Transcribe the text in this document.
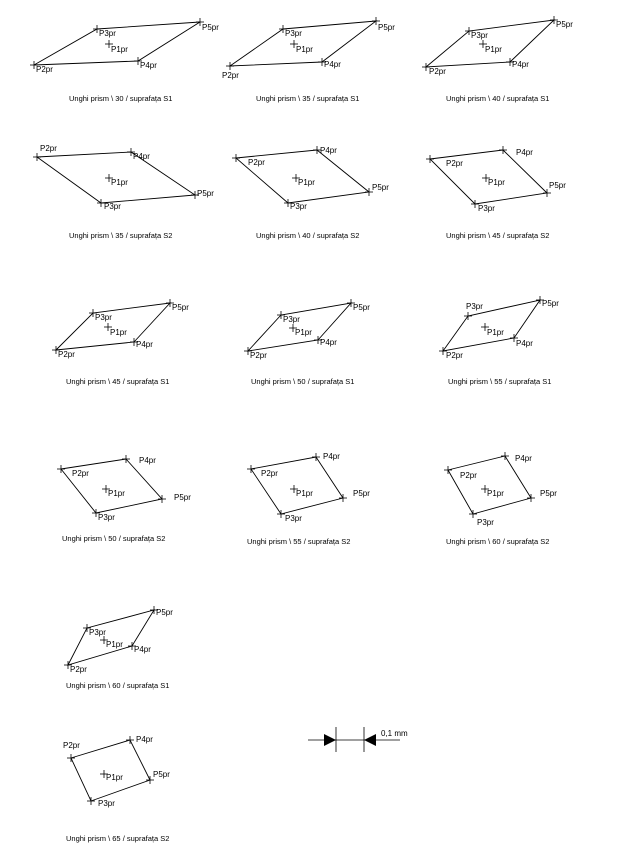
P2pr
P3pr
P5pr
P4pr
P1pr
Unghi prism \ 30 / suprafața S1
P2pr
P3pr
P5pr
P4pr
P1pr
Unghi prism \ 35 / suprafața S1
P2pr
P3pr
P5pr
P4pr
P1pr
Unghi prism \ 40 / suprafața S1
P2pr
P4pr
P5pr
P3pr
P1pr
Unghi prism \ 35 / suprafața S2
P2pr
P4pr
P5pr
P3pr
P1pr
Unghi prism \ 40 / suprafața S2
P2pr
P4pr
P5pr
P3pr
P1pr
Unghi prism \ 45 / suprafața S2
P2pr
P3pr
P5pr
P4pr
P1pr
Unghi prism \ 45 / suprafața S1
P2pr
P3pr
P5pr
P4pr
P1pr
Unghi prism \ 50 / suprafața S1
P2pr
P3pr	P5pr
P4pr
P1pr
Unghi prism \ 55 / suprafața S1
P2pr
P4pr
P5pr
P3pr
P1pr
Unghi prism \ 50 / suprafața S2
P2pr
P4pr
P5pr
P3pr
P1pr
Unghi prism \ 55 / suprafața S2
P2pr
P4pr
P5pr
P3pr
P1pr
Unghi prism \ 60 / suprafața S2
P2pr
P3pr
P5pr
P4pr
P1pr
Unghi prism \ 60 / suprafața S1
P2pr
P4pr
P5pr
P3pr
P1pr
Unghi prism \ 65 / suprafața S2
0,1 mm
